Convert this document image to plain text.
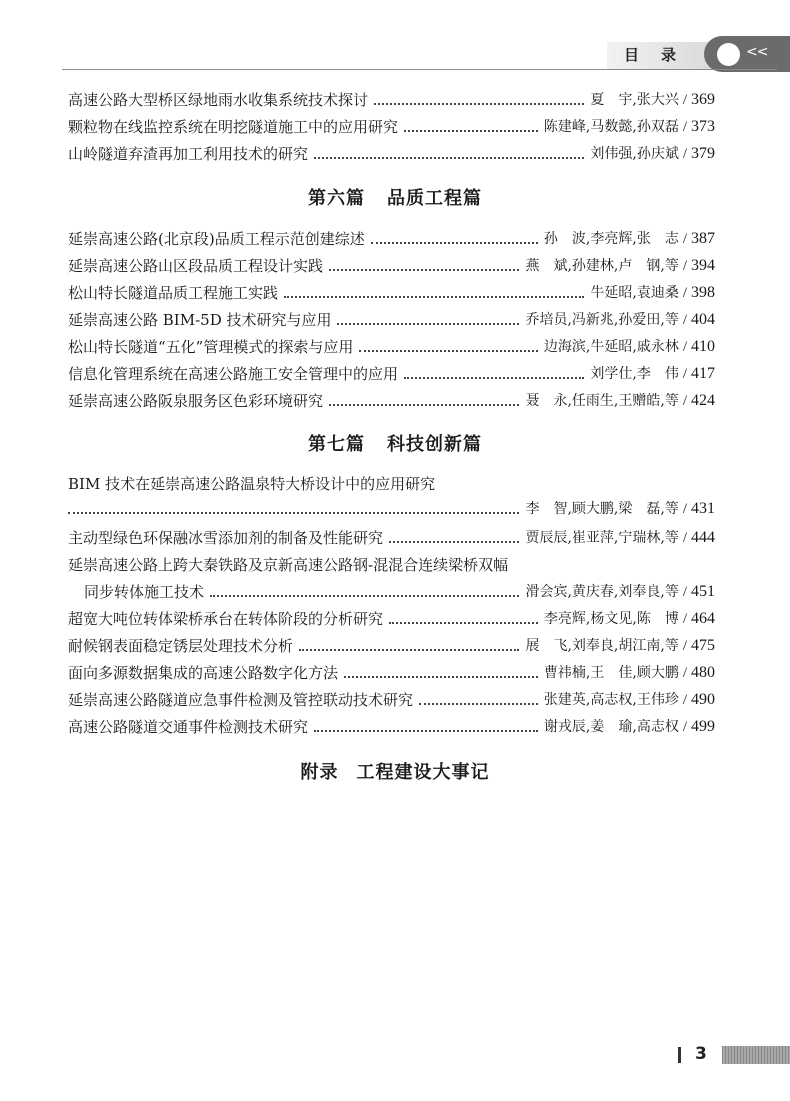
目录	<<
高速公路大型桥区绿地雨水收集系统技术探讨	夏　宇,张大兴 / 369
颗粒物在线监控系统在明挖隧道施工中的应用研究	陈建峰,马数懿,孙双磊 / 373
山岭隧道弃渣再加工利用技术的研究	刘伟强,孙庆斌 / 379
第六篇 品质工程篇
延崇高速公路(北京段)品质工程示范创建综述	孙　波,李亮辉,张　志 / 387
延崇高速公路山区段品质工程设计实践	燕　斌,孙建林,卢　钢,等 / 394
松山特长隧道品质工程施工实践	牛延昭,袁迪桑 / 398
延崇高速公路 BIM-5D 技术研究与应用	乔培员,冯新兆,孙爱田,等 / 404
松山特长隧道“五化”管理模式的探索与应用	边海滨,牛延昭,戚永林 / 410
信息化管理系统在高速公路施工安全管理中的应用	刘学仕,李　伟 / 417
延崇高速公路阪泉服务区色彩环境研究	聂　永,任雨生,王赠皓,等 / 424
第七篇 科技创新篇
BIM 技术在延崇高速公路温泉特大桥设计中的应用研究
李　智,顾大鹏,梁　磊,等 / 431
主动型绿色环保融冰雪添加剂的制备及性能研究	贾辰辰,崔亚萍,宁瑞林,等 / 444
延崇高速公路上跨大秦铁路及京新高速公路钢-混混合连续梁桥双幅
同步转体施工技术	滑会宾,黄庆春,刘奉良,等 / 451
超宽大吨位转体梁桥承台在转体阶段的分析研究	李亮辉,杨文见,陈　博 / 464
耐候钢表面稳定锈层处理技术分析	展　飞,刘奉良,胡江南,等 / 475
面向多源数据集成的高速公路数字化方法	曹祎楠,王　佳,顾大鹏 / 480
延崇高速公路隧道应急事件检测及管控联动技术研究	张建英,高志权,王伟珍 / 490
高速公路隧道交通事件检测技术研究	谢戎辰,姜　瑜,高志权 / 499
附录 工程建设大事记
3
